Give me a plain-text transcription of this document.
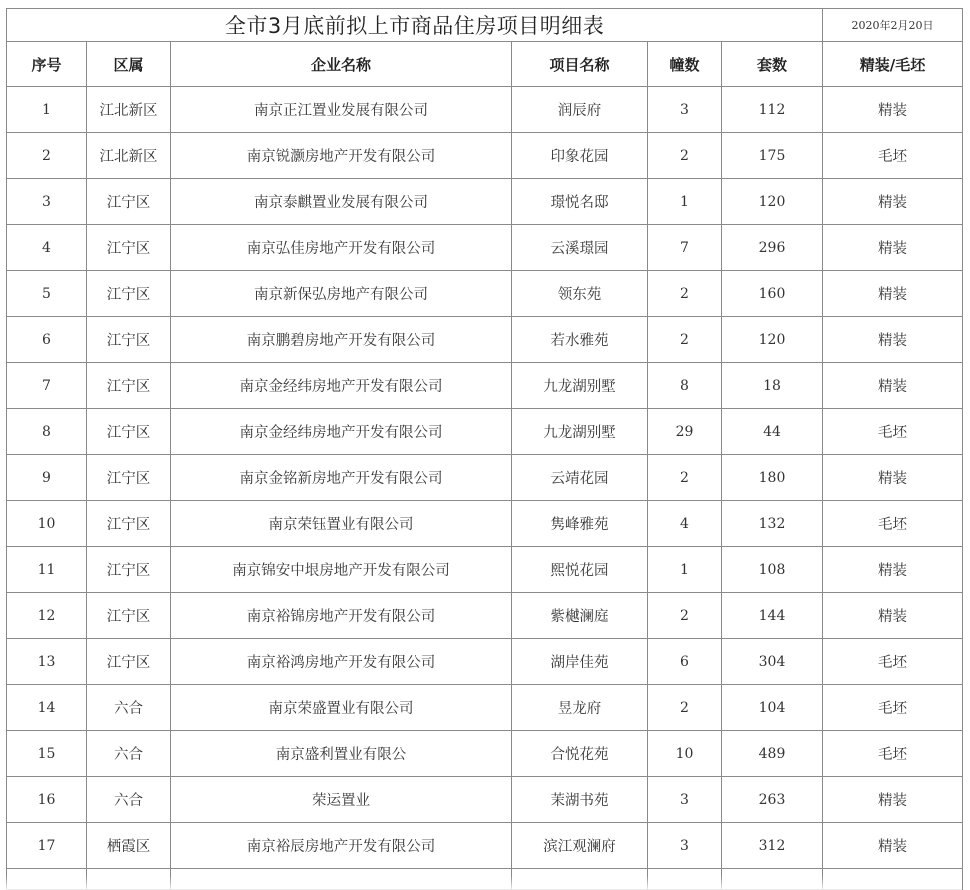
全市3月底前拟上市商品住房项目明细表						2020年2月20日
序号	区属	企业名称	项目名称	幢数	套数	精装/毛坯
1	江北新区	南京正江置业发展有限公司	润辰府	3	112	精装
2	江北新区	南京锐灏房地产开发有限公司	印象花园	2	175	毛坯
3	江宁区	南京泰麒置业发展有限公司	璟悦名邸	1	120	精装
4	江宁区	南京弘佳房地产开发有限公司	云溪璟园	7	296	精装
5	江宁区	南京新保弘房地产有限公司	领东苑	2	160	精装
6	江宁区	南京鹏碧房地产开发有限公司	若水雅苑	2	120	精装
7	江宁区	南京金经纬房地产开发有限公司	九龙湖别墅	8	18	精装
8	江宁区	南京金经纬房地产开发有限公司	九龙湖别墅	29	44	毛坯
9	江宁区	南京金铭新房地产开发有限公司	云靖花园	2	180	精装
10	江宁区	南京荣钰置业有限公司	隽峰雅苑	4	132	毛坯
11	江宁区	南京锦安中垠房地产开发有限公司	熙悦花园	1	108	精装
12	江宁区	南京裕锦房地产开发有限公司	紫樾澜庭	2	144	精装
13	江宁区	南京裕鸿房地产开发有限公司	湖岸佳苑	6	304	毛坯
14	六合	南京荣盛置业有限公司	昱龙府	2	104	毛坯
15	六合	南京盛利置业有限公	合悦花苑	10	489	毛坯
16	六合	荣运置业	茉湖书苑	3	263	精装
17	栖霞区	南京裕辰房地产开发有限公司	滨江观澜府	3	312	精装
